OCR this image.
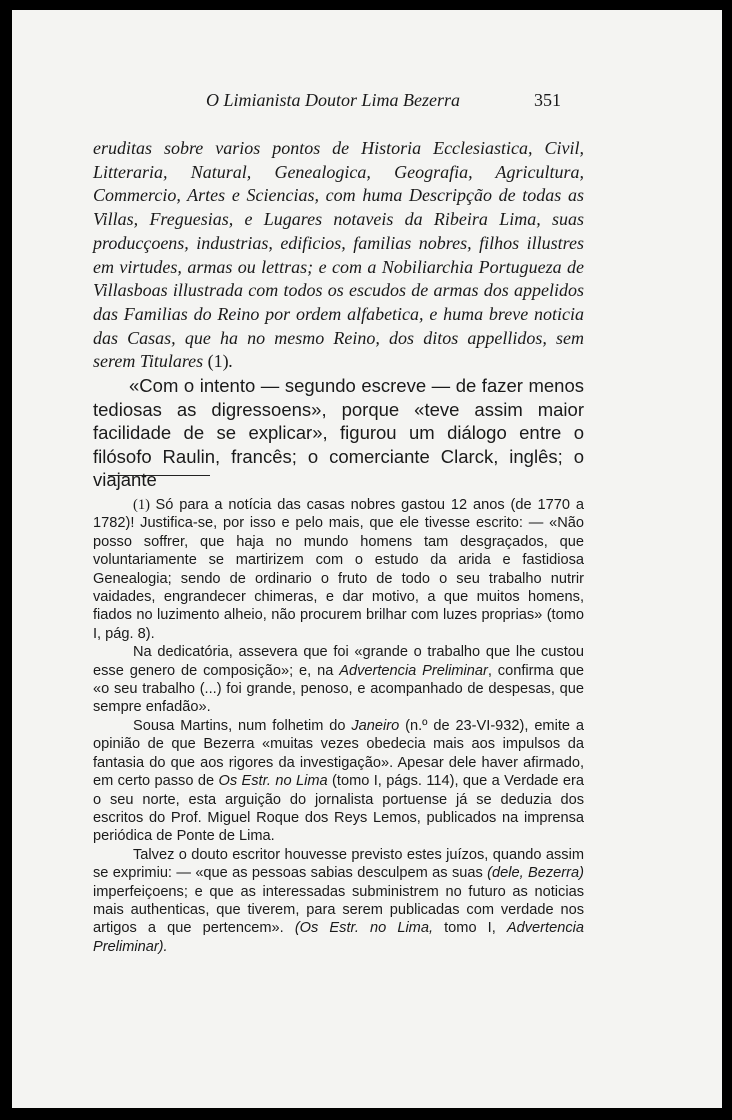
O Limianista Doutor Lima Bezerra	351

eruditas sobre varios pontos de Historia Ecclesiastica, Civil, Litteraria, Natural, Genealogica, Geografia, Agricultura, Commercio, Artes e Sciencias, com huma Descripção de todas as Villas, Freguesias, e Lugares notaveis da Ribeira Lima, suas producçoens, industrias, edificios, familias nobres, filhos illustres em virtudes, armas ou lettras; e com a Nobiliarchia Portugueza de Villasboas illustrada com todos os escudos de armas dos appelidos das Familias do Reino por ordem alfabetica, e huma breve noticia das Casas, que ha no mesmo Reino, dos ditos appellidos, sem serem Titulares (1).

«Com o intento — segundo escreve — de fazer menos tediosas as digressoens», porque «teve assim maior facilidade de se explicar», figurou um diálogo entre o filósofo Raulin, francês; o comerciante Clarck, inglês; o viajante

(1) Só para a notícia das casas nobres gastou 12 anos (de 1770 a 1782)! Justifica-se, por isso e pelo mais, que ele tivesse escrito: — «Não posso soffrer, que haja no mundo homens tam desgraçados, que voluntariamente se martirizem com o estudo da arida e fastidiosa Genealogia; sendo de ordinario o fruto de todo o seu trabalho nutrir vaidades, engrandecer chimeras, e dar motivo, a que muitos homens, fiados no luzimento alheio, não procurem brilhar com luzes proprias» (tomo I, pág. 8).

Na dedicatória, assevera que foi «grande o trabalho que lhe custou esse genero de composição»; e, na Advertencia Preliminar, confirma que «o seu trabalho (...) foi grande, penoso, e acompanhado de despesas, que sempre enfadão».

Sousa Martins, num folhetim do Janeiro (n.º de 23-VI-932), emite a opinião de que Bezerra «muitas vezes obedecia mais aos impulsos da fantasia do que aos rigores da investigação». Apesar dele haver afirmado, em certo passo de Os Estr. no Lima (tomo I, págs. 114), que a Verdade era o seu norte, esta arguição do jornalista portuense já se deduzia dos escritos do Prof. Miguel Roque dos Reys Lemos, publicados na imprensa periódica de Ponte de Lima.

Talvez o douto escritor houvesse previsto estes juízos, quando assim se exprimiu: — «que as pessoas sabias desculpem as suas (dele, Bezerra) imperfeiçoens; e que as interessadas subministrem no futuro as noticias mais authenticas, que tiverem, para serem publicadas com verdade nos artigos a que pertencem». (Os Estr. no Lima, tomo I, Advertencia Preliminar).
